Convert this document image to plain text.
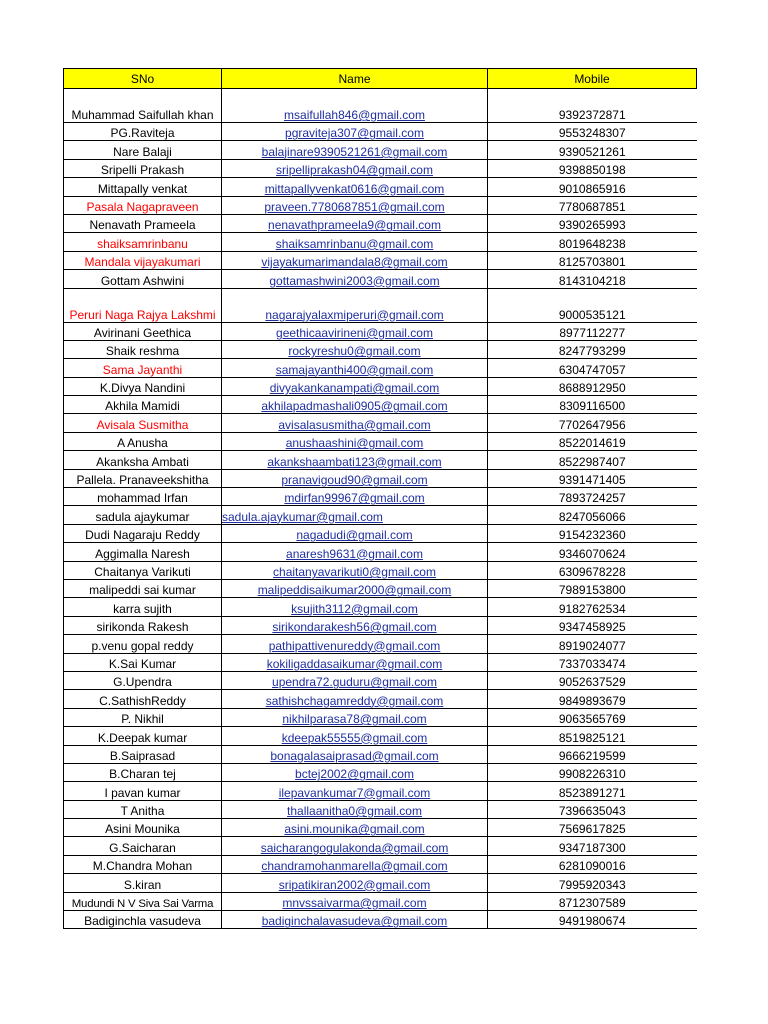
SNo	Name	Mobile
Muhammad Saifullah khan	msaifullah846@gmail.com	9392372871
PG.Raviteja	pgraviteja307@gmail.com	9553248307
Nare Balaji	balajinare9390521261@gmail.com	9390521261
Sripelli Prakash	sripelliprakash04@gmail.com	9398850198
Mittapally venkat	mittapallyvenkat0616@gmail.com	9010865916
Pasala Nagapraveen	praveen.7780687851@gmail.com	7780687851
Nenavath Prameela	nenavathprameela9@gmail.com	9390265993
shaiksamrinbanu	shaiksamrinbanu@gmail.com	8019648238
Mandala vijayakumari	vijayakumarimandala8@gmail.com	8125703801
Gottam Ashwini	gottamashwini2003@gmail.com	8143104218
Peruri Naga Rajya Lakshmi	nagarajyalaxmiperuri@gmail.com	9000535121
Avirinani Geethica	geethicaavirineni@gmail.com	8977112277
Shaik reshma	rockyreshu0@gmail.com	8247793299
Sama Jayanthi	samajayanthi400@gmail.com	6304747057
K.Divya Nandini	divyakankanampati@gmail.com	8688912950
Akhila Mamidi	akhilapadmashali0905@gmail.com	8309116500
Avisala Susmitha	avisalasusmitha@gmail.com	7702647956
A Anusha	anushaashini@gmail.com	8522014619
Akanksha Ambati	akankshaambati123@gmail.com	8522987407
Pallela. Pranaveekshitha	pranavigoud90@gmail.com	9391471405
mohammad Irfan	mdirfan99967@gmail.com	7893724257
sadula ajaykumar	sadula.ajaykumar@gmail.com	8247056066
Dudi Nagaraju Reddy	nagadudi@gmail.com	9154232360
Aggimalla Naresh	anaresh9631@gmail.com	9346070624
Chaitanya Varikuti	chaitanyavarikuti0@gmail.com	6309678228
malipeddi sai kumar	malipeddisaikumar2000@gmail.com	7989153800
karra sujith	ksujith3112@gmail.com	9182762534
sirikonda Rakesh	sirikondarakesh56@gmail.com	9347458925
p.venu gopal reddy	pathipattivenureddy@gmail.com	8919024077
K.Sai Kumar	kokiligaddasaikumar@gmail.com	7337033474
G.Upendra	upendra72.guduru@gmail.com	9052637529
C.SathishReddy	sathishchagamreddy@gmail.com	9849893679
P. Nikhil	nikhilparasa78@gmail.com	9063565769
K.Deepak kumar	kdeepak55555@gmail.com	8519825121
B.Saiprasad	bonagalasaiprasad@gmail.com	9666219599
B.Charan tej	bctej2002@gmail.com	9908226310
I pavan kumar	ilepavankumar7@gmail.com	8523891271
T Anitha	thallaanitha0@gmail.com	7396635043
Asini Mounika	asini.mounika@gmail.com	7569617825
G.Saicharan	saicharangogulakonda@gmail.com	9347187300
M.Chandra Mohan	chandramohanmarella@gmail.com	6281090016
S.kiran	sripatikiran2002@gmail.com	7995920343
Mudundi N V Siva Sai Varma	mnvssaivarma@gmail.com	8712307589
Badiginchla vasudeva	badiginchalavasudeva@gmail.com	9491980674
